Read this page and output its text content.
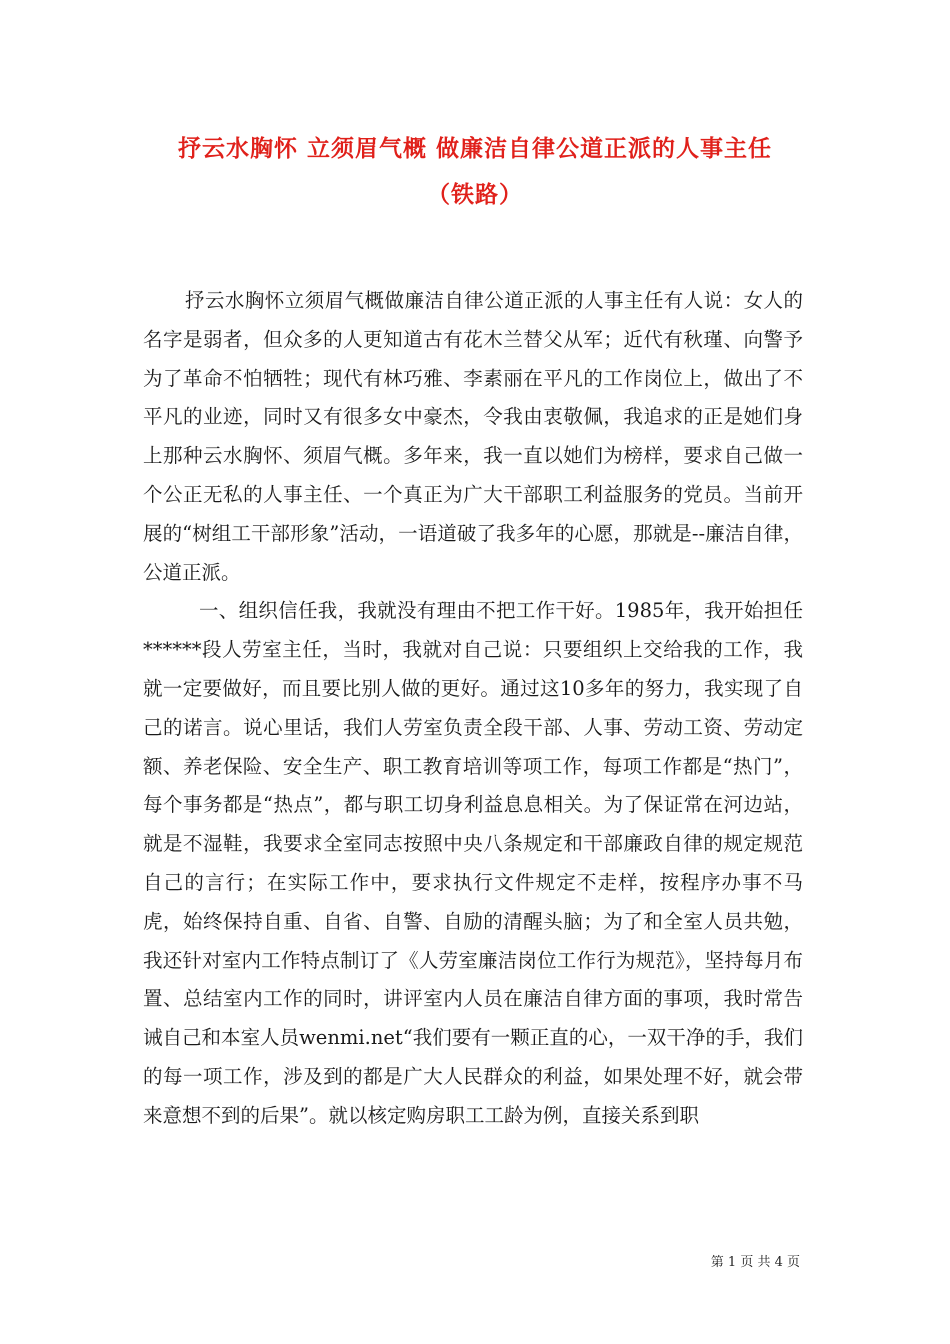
抒云水胸怀 立须眉气概 做廉洁自律公道正派的人事主任
（铁路）

抒云水胸怀立须眉气概做廉洁自律公道正派的人事主任有人说：女人的名字是弱者，但众多的人更知道古有花木兰替父从军；近代有秋瑾、向警予为了革命不怕牺牲；现代有林巧雅、李素丽在平凡的工作岗位上，做出了不平凡的业迹，同时又有很多女中豪杰，令我由衷敬佩，我追求的正是她们身上那种云水胸怀、须眉气概。多年来，我一直以她们为榜样，要求自己做一个公正无私的人事主任、一个真正为广大干部职工利益服务的党员。当前开展的“树组工干部形象”活动，一语道破了我多年的心愿，那就是--廉洁自律，公道正派。

一、组织信任我，我就没有理由不把工作干好。1985年，我开始担任******段人劳室主任，当时，我就对自己说：只要组织上交给我的工作，我就一定要做好，而且要比别人做的更好。通过这10多年的努力，我实现了自己的诺言。说心里话，我们人劳室负责全段干部、人事、劳动工资、劳动定额、养老保险、安全生产、职工教育培训等项工作，每项工作都是“热门”，每个事务都是“热点”，都与职工切身利益息息相关。为了保证常在河边站，就是不湿鞋，我要求全室同志按照中央八条规定和干部廉政自律的规定规范自己的言行；在实际工作中，要求执行文件规定不走样，按程序办事不马虎，始终保持自重、自省、自警、自励的清醒头脑；为了和全室人员共勉，我还针对室内工作特点制订了《人劳室廉洁岗位工作行为规范》，坚持每月布置、总结室内工作的同时，讲评室内人员在廉洁自律方面的事项，我时常告诫自己和本室人员wenmi.net“我们要有一颗正直的心，一双干净的手，我们的每一项工作，涉及到的都是广大人民群众的利益，如果处理不好，就会带来意想不到的后果”。就以核定购房职工工龄为例，直接关系到职

第 1 页 共 4 页
